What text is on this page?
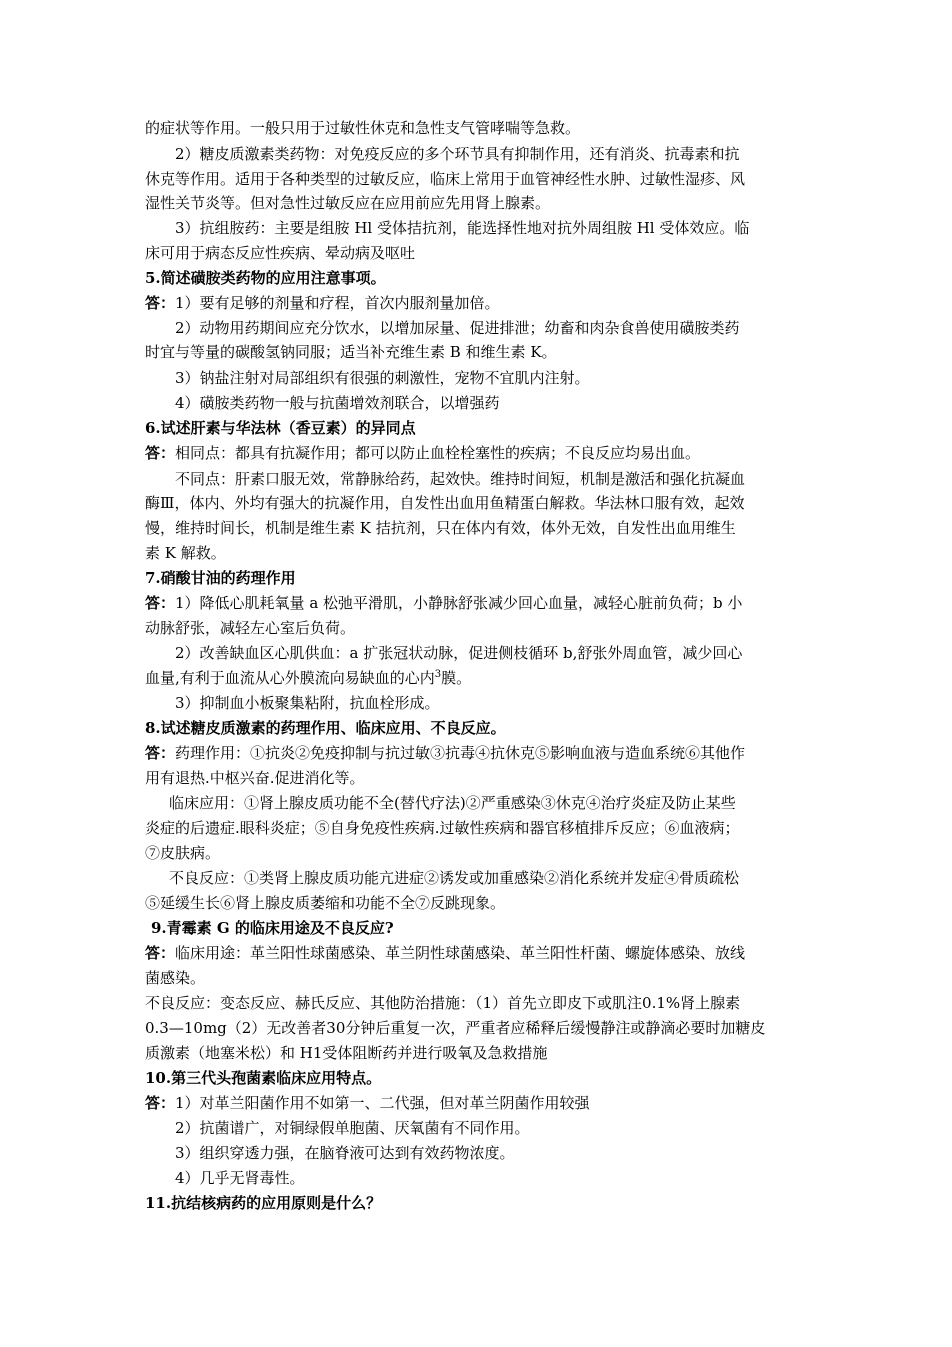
的症状等作用。一般只用于过敏性休克和急性支气管哮喘等急救。
2）糖皮质激素类药物：对免疫反应的多个环节具有抑制作用，还有消炎、抗毒素和抗
休克等作用。适用于各种类型的过敏反应，临床上常用于血管神经性水肿、过敏性湿疹、风
湿性关节炎等。但对急性过敏反应在应用前应先用肾上腺素。
3）抗组胺药：主要是组胺 Hl 受体拮抗剂，能选择性地对抗外周组胺 Hl 受体效应。临
床可用于病态反应性疾病、晕动病及呕吐
5.简述磺胺类药物的应用注意事项。
答：1）要有足够的剂量和疗程，首次内服剂量加倍。
2）动物用药期间应充分饮水，以增加尿量、促进排泄；幼畜和肉杂食兽使用磺胺类药
时宜与等量的碳酸氢钠同服；适当补充维生素 B 和维生素 K。
3）钠盐注射对局部组织有很强的刺激性，宠物不宜肌内注射。
4）磺胺类药物一般与抗菌增效剂联合，以增强药
6.试述肝素与华法林（香豆素）的异同点
答：相同点：都具有抗凝作用；都可以防止血栓栓塞性的疾病；不良反应均易出血。
不同点：肝素口服无效，常静脉给药，起效快。维持时间短，机制是激活和强化抗凝血
酶Ⅲ，体内、外均有强大的抗凝作用，自发性出血用鱼精蛋白解救。华法林口服有效，起效
慢，维持时间长，机制是维生素 K 拮抗剂，只在体内有效，体外无效，自发性出血用维生
素 K 解救。
7.硝酸甘油的药理作用
答：1）降低心肌耗氧量 a 松弛平滑肌，小静脉舒张减少回心血量，减轻心脏前负荷；b 小
动脉舒张，减轻左心室后负荷。
2）改善缺血区心肌供血：a 扩张冠状动脉，促进侧枝循环 b,舒张外周血管，减少回心
血量,有利于血流从心外膜流向易缺血的心内$^3$膜。
3）抑制血小板聚集粘附，抗血栓形成。
8.试述糖皮质激素的药理作用、临床应用、不良反应。
答：药理作用：①抗炎②免疫抑制与抗过敏③抗毒④抗休克⑤影响血液与造血系统⑥其他作
用有退热.中枢兴奋.促进消化等。
临床应用：①肾上腺皮质功能不全(替代疗法)②严重感染③休克④治疗炎症及防止某些
炎症的后遗症.眼科炎症；⑤自身免疫性疾病.过敏性疾病和器官移植排斥反应；⑥血液病；
⑦皮肤病。
不良反应：①类肾上腺皮质功能亢进症②诱发或加重感染②消化系统并发症④骨质疏松
⑤延缓生长⑥肾上腺皮质萎缩和功能不全⑦反跳现象。
9.青霉素 G 的临床用途及不良反应?
答：临床用途：革兰阳性球菌感染、革兰阴性球菌感染、革兰阳性杆菌、螺旋体感染、放线
菌感染。
不良反应：变态反应、赫氏反应、其他防治措施：（1）首先立即皮下或肌注0.1%肾上腺素
0.3—10mg（2）无改善者30分钟后重复一次，严重者应稀释后缓慢静注或静滴必要时加糖皮
质激素（地塞米松）和 H1受体阻断药并进行吸氧及急救措施
10.第三代头孢菌素临床应用特点。
答：1）对革兰阳菌作用不如第一、二代强，但对革兰阴菌作用较强
2）抗菌谱广，对铜绿假单胞菌、厌氧菌有不同作用。
3）组织穿透力强，在脑脊液可达到有效药物浓度。
4）几乎无肾毒性。
11.抗结核病药的应用原则是什么？
